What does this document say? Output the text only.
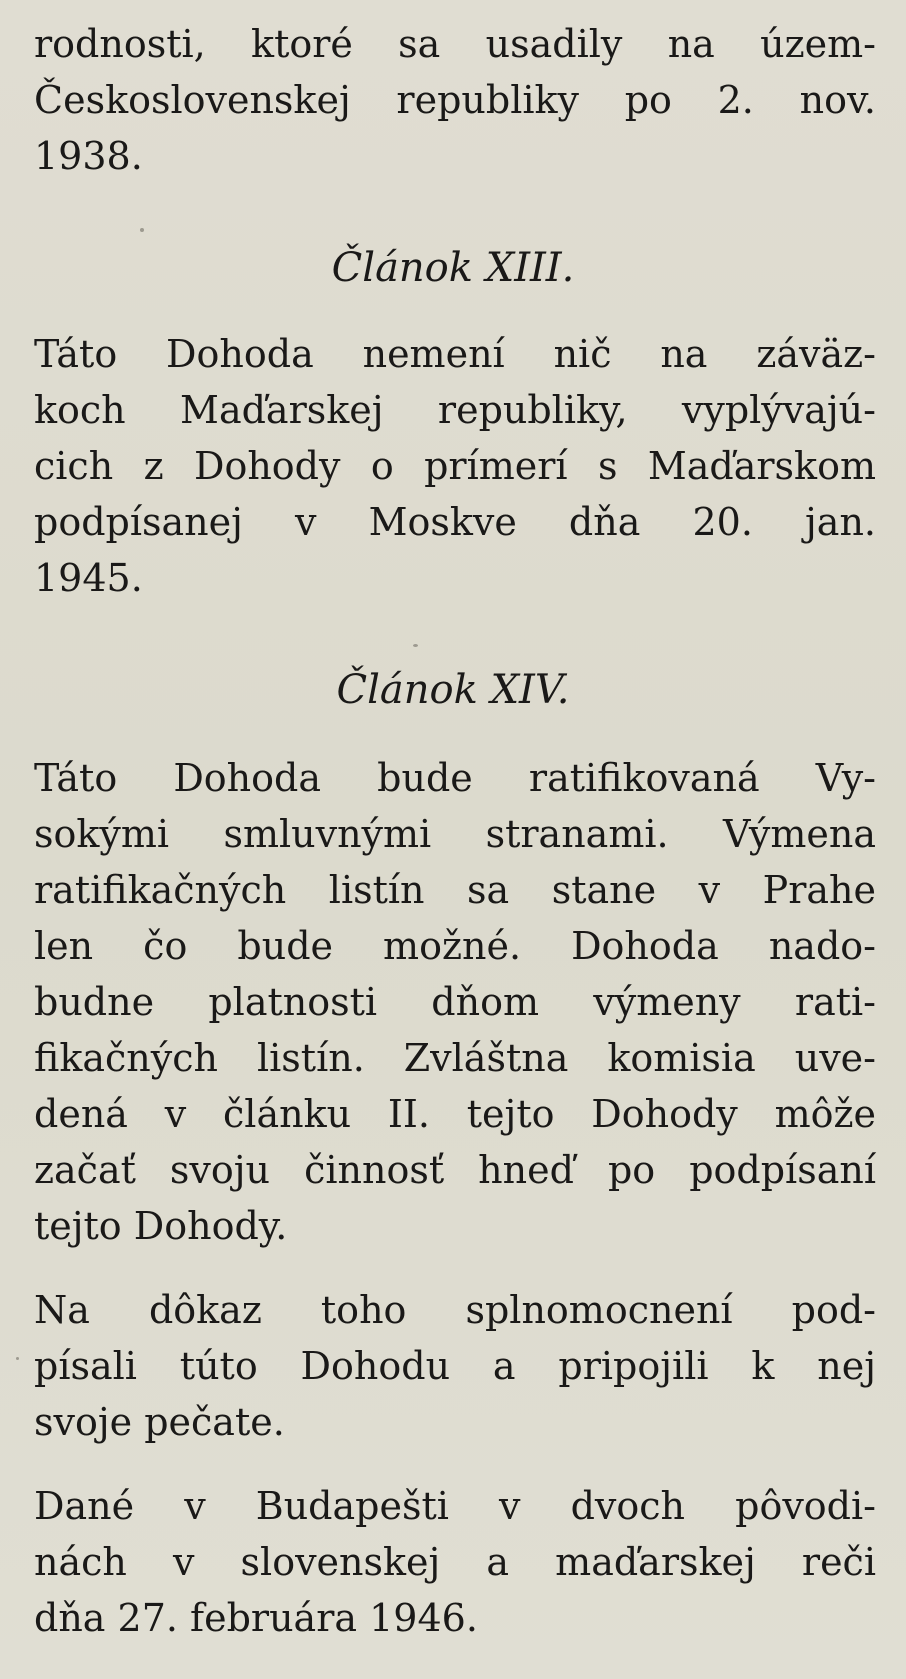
rodnosti, ktoré sa usadily na územ-
Československej republiky po 2. nov.
1938.
Článok XIII.
Táto Dohoda nemení nič na záväz-
koch Maďarskej republiky, vyplývajú-
cich z Dohody o prímerí s Maďarskom
podpísanej v Moskve dňa 20. jan.
1945.
Článok XIV.
Táto Dohoda bude ratifikovaná Vy-
sokými smluvnými stranami. Výmena
ratifikačných listín sa stane v Prahe
len čo bude možné. Dohoda nado-
budne platnosti dňom výmeny rati-
fikačných listín. Zvláštna komisia uve-
dená v článku II. tejto Dohody môže
začať svoju činnosť hneď po podpísaní
tejto Dohody.
Na dôkaz toho splnomocnení pod-
písali túto Dohodu a pripojili k nej
svoje pečate.
Dané v Budapešti v dvoch pôvodi-
nách v slovenskej a maďarskej reči
dňa 27. februára 1946.
